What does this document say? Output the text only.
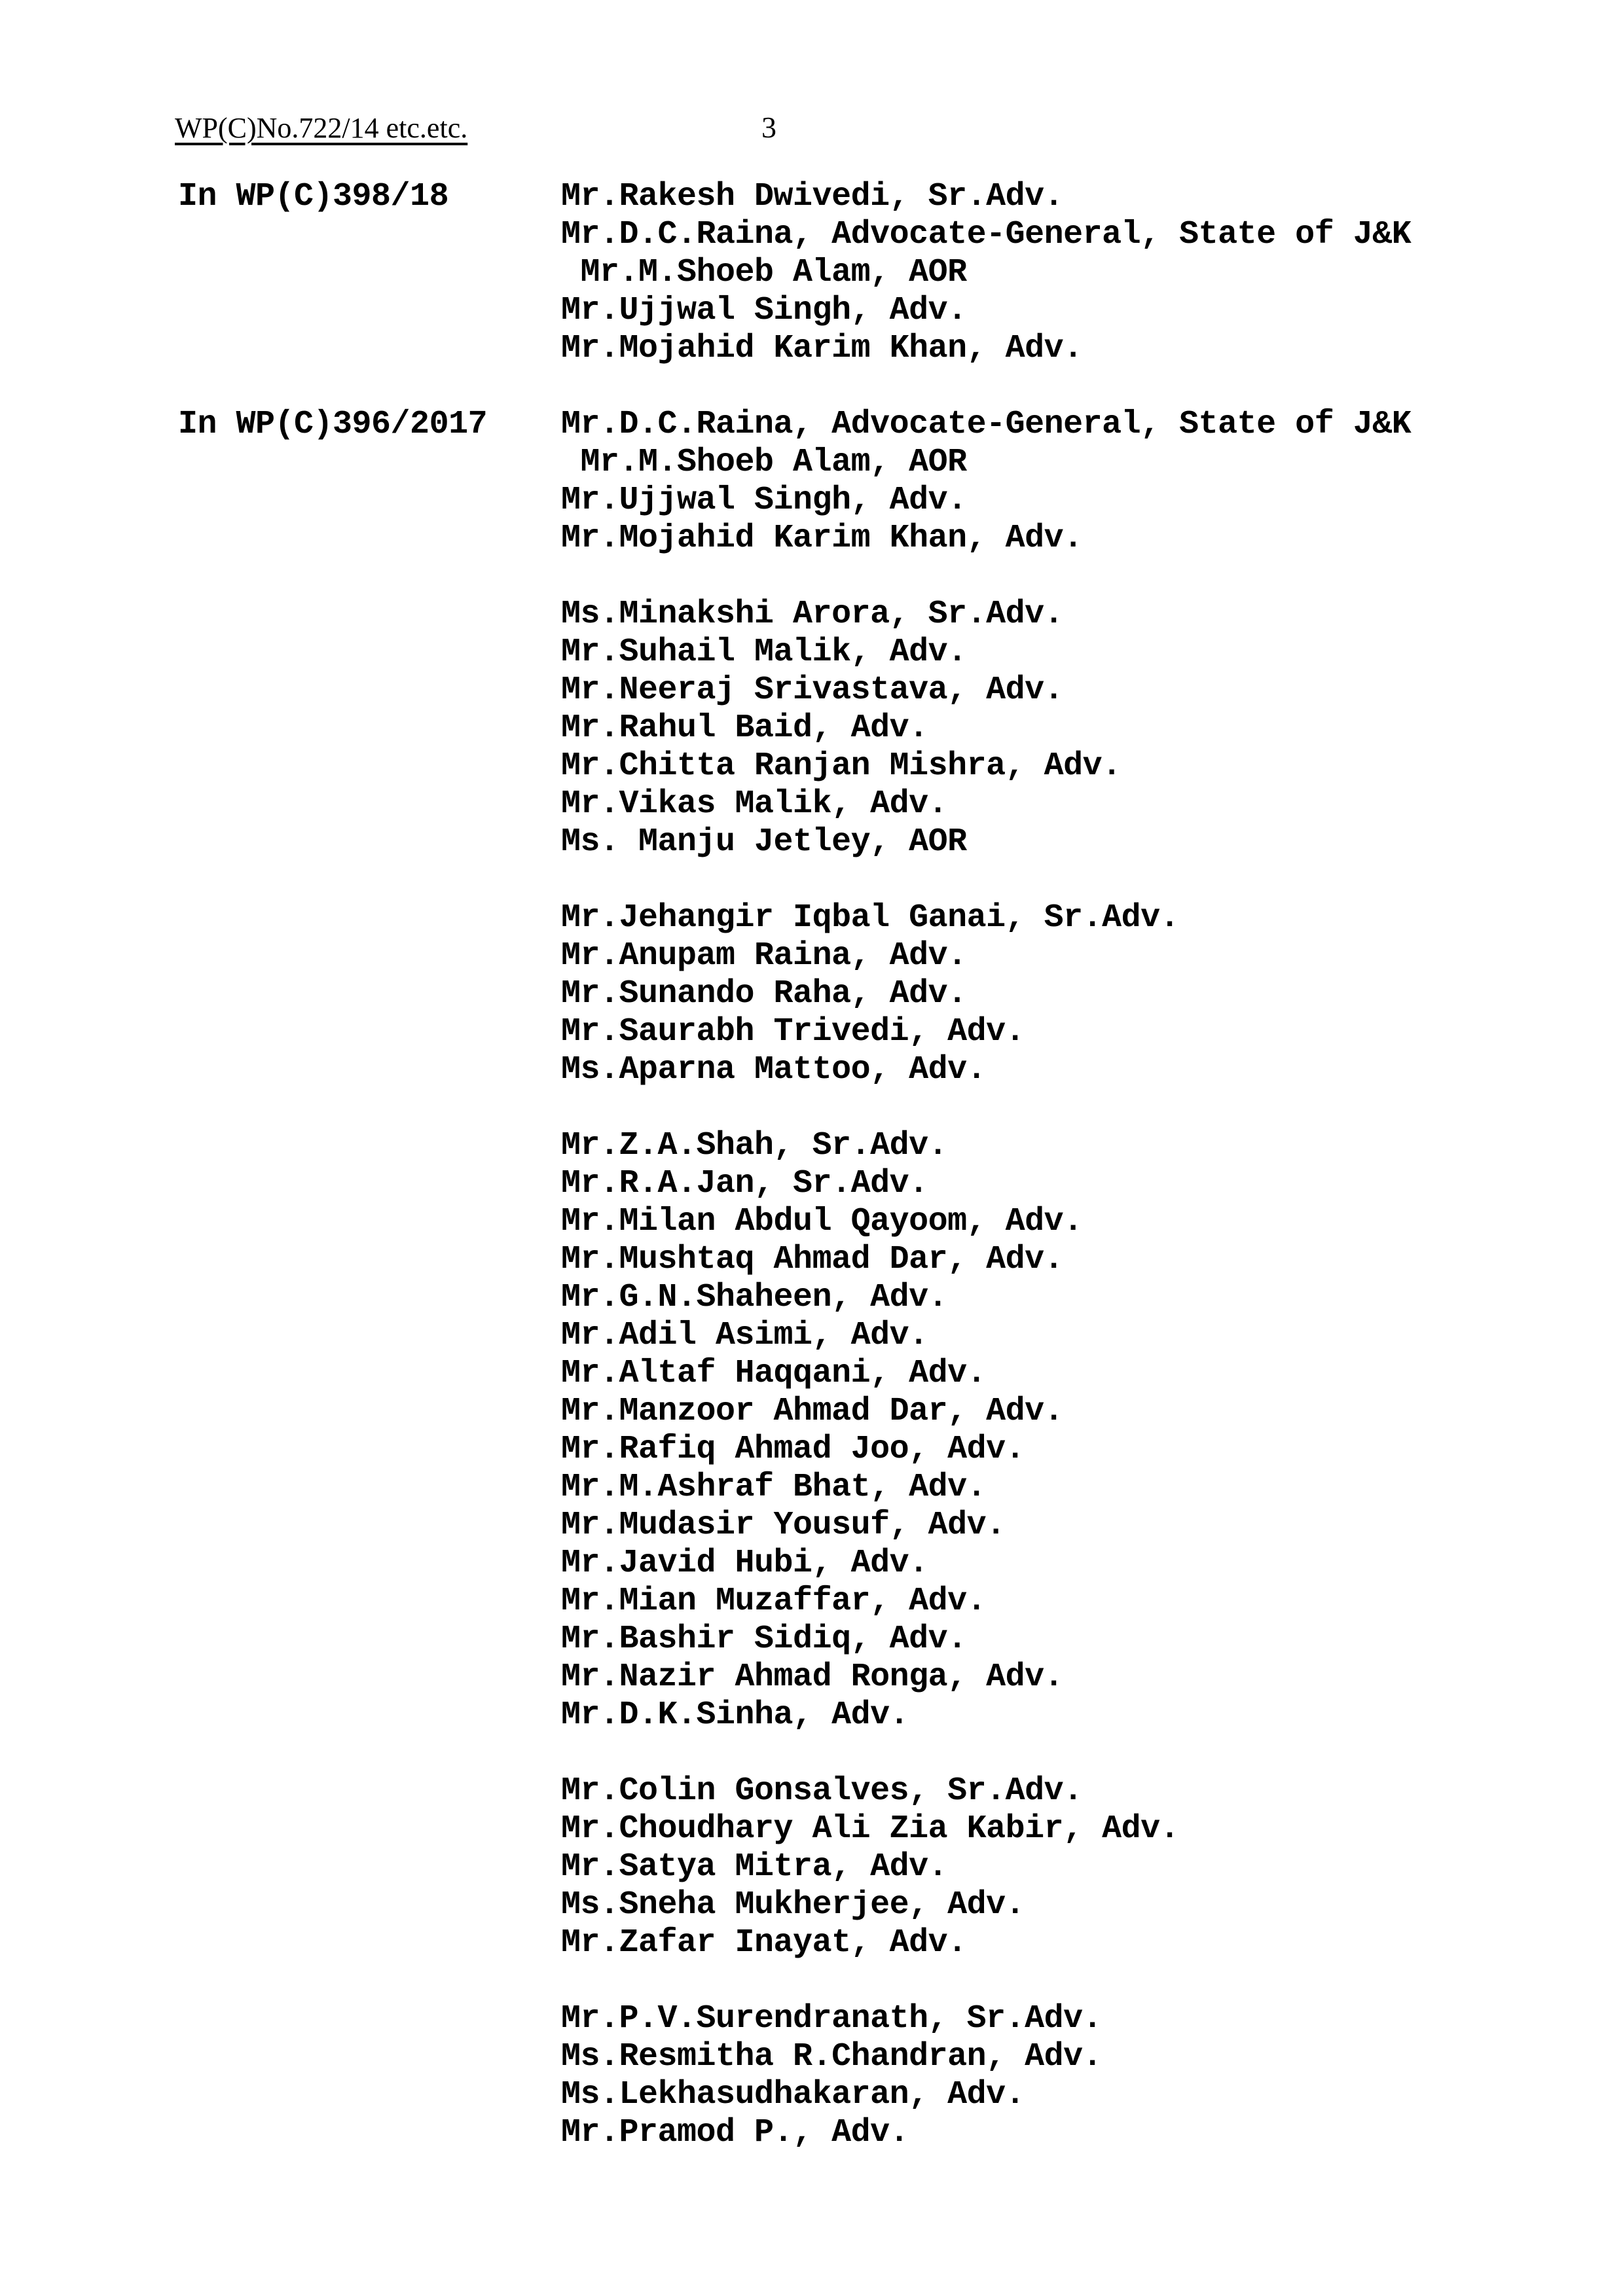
WP(C)No.722/14 etc.etc.	3
In WP(C)398/18	Mr.Rakesh Dwivedi, Sr.Adv.
Mr.D.C.Raina, Advocate-General, State of J&K
Mr.M.Shoeb Alam, AOR
Mr.Ujjwal Singh, Adv.
Mr.Mojahid Karim Khan, Adv.
In WP(C)396/2017	Mr.D.C.Raina, Advocate-General, State of J&K
Mr.M.Shoeb Alam, AOR
Mr.Ujjwal Singh, Adv.
Mr.Mojahid Karim Khan, Adv.
Ms.Minakshi Arora, Sr.Adv.
Mr.Suhail Malik, Adv.
Mr.Neeraj Srivastava, Adv.
Mr.Rahul Baid, Adv.
Mr.Chitta Ranjan Mishra, Adv.
Mr.Vikas Malik, Adv.
Ms. Manju Jetley, AOR
Mr.Jehangir Iqbal Ganai, Sr.Adv.
Mr.Anupam Raina, Adv.
Mr.Sunando Raha, Adv.
Mr.Saurabh Trivedi, Adv.
Ms.Aparna Mattoo, Adv.
Mr.Z.A.Shah, Sr.Adv.
Mr.R.A.Jan, Sr.Adv.
Mr.Milan Abdul Qayoom, Adv.
Mr.Mushtaq Ahmad Dar, Adv.
Mr.G.N.Shaheen, Adv.
Mr.Adil Asimi, Adv.
Mr.Altaf Haqqani, Adv.
Mr.Manzoor Ahmad Dar, Adv.
Mr.Rafiq Ahmad Joo, Adv.
Mr.M.Ashraf Bhat, Adv.
Mr.Mudasir Yousuf, Adv.
Mr.Javid Hubi, Adv.
Mr.Mian Muzaffar, Adv.
Mr.Bashir Sidiq, Adv.
Mr.Nazir Ahmad Ronga, Adv.
Mr.D.K.Sinha, Adv.
Mr.Colin Gonsalves, Sr.Adv.
Mr.Choudhary Ali Zia Kabir, Adv.
Mr.Satya Mitra, Adv.
Ms.Sneha Mukherjee, Adv.
Mr.Zafar Inayat, Adv.
Mr.P.V.Surendranath, Sr.Adv.
Ms.Resmitha R.Chandran, Adv.
Ms.Lekhasudhakaran, Adv.
Mr.Pramod P., Adv.
